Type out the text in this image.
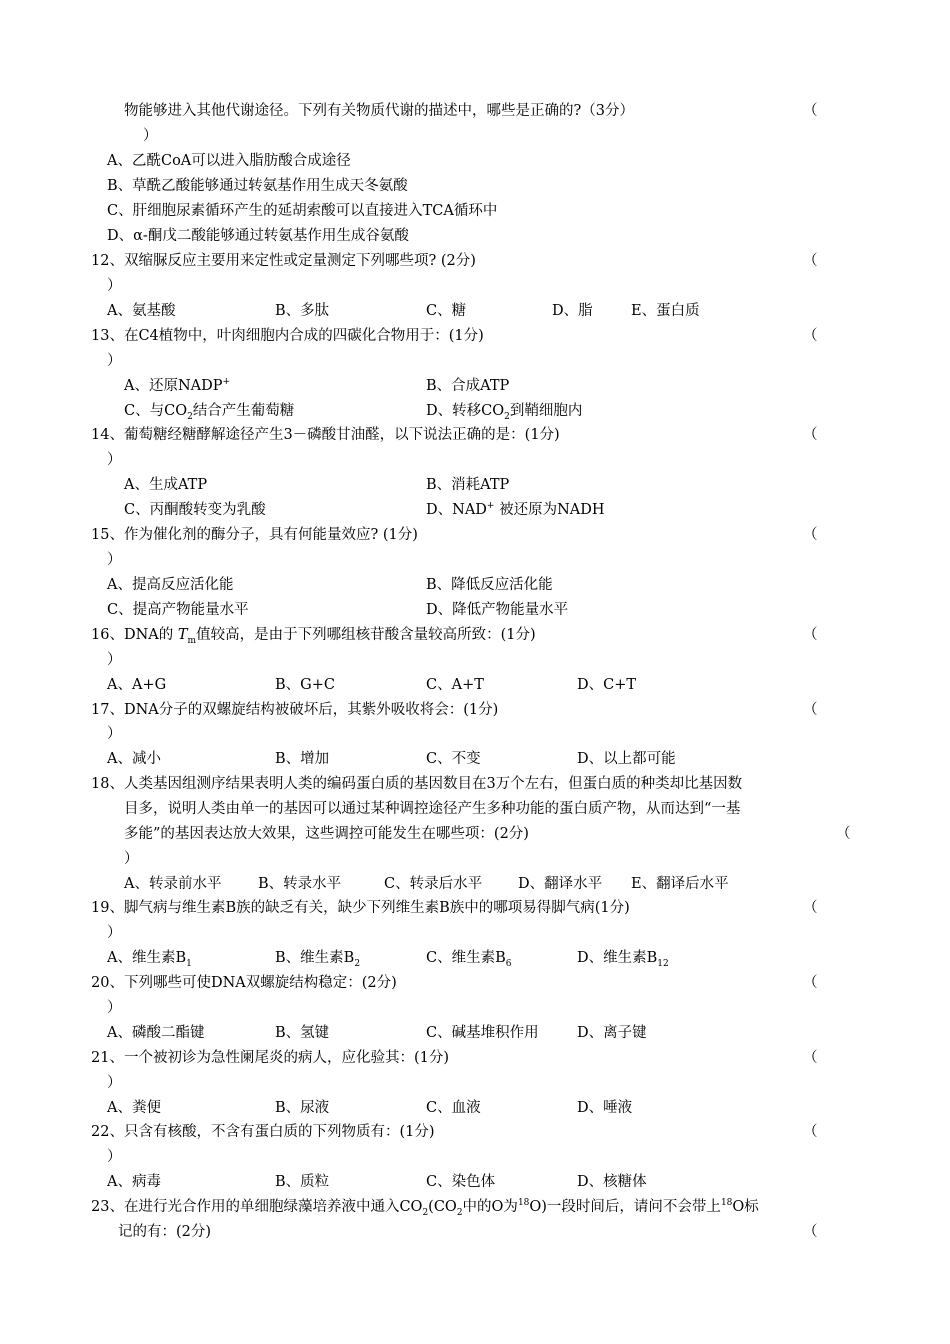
物能够进入其他代谢途径。下列有关物质代谢的描述中，哪些是正确的?（3分）	（
）
A、乙酰CoA可以进入脂肪酸合成途径
B、草酰乙酸能够通过转氨基作用生成天冬氨酸
C、肝细胞尿素循环产生的延胡索酸可以直接进入TCA循环中
D、α-酮戊二酸能够通过转氨基作用生成谷氨酸
12、双缩脲反应主要用来定性或定量测定下列哪些项? (2分)	（
）
A、氨基酸	B、多肽	C、糖	D、脂	E、蛋白质
13、在C4植物中，叶肉细胞内合成的四碳化合物用于：(1分)	（
）
A、还原NADP+	B、合成ATP
C、与$CO_2$结合产生葡萄糖	D、转移$CO_2$到鞘细胞内
14、葡萄糖经糖酵解途径产生3－磷酸甘油醛，以下说法正确的是：(1分)	（
）
A、生成ATP	B、消耗ATP
C、丙酮酸转变为乳酸	D、NAD+ 被还原为NADH
15、作为催化剂的酶分子，具有何能量效应? (1分)	（
）
A、提高反应活化能	B、降低反应活化能
C、提高产物能量水平	D、降低产物能量水平
16、DNA的 $T_m$值较高，是由于下列哪组核苷酸含量较高所致：(1分)	（
）
A、A+G	B、G+C	C、A+T	D、C+T
17、DNA分子的双螺旋结构被破坏后，其紫外吸收将会：(1分)	（
）
A、减小	B、增加	C、不变	D、以上都可能
18、人类基因组测序结果表明人类的编码蛋白质的基因数目在3万个左右，但蛋白质的种类却比基因数
目多，说明人类由单一的基因可以通过某种调控途径产生多种功能的蛋白质产物，从而达到“一基
多能”的基因表达放大效果，这些调控可能发生在哪些项：(2分)	（
）
A、转录前水平	B、转录水平	C、转录后水平 D、翻译水平 E、翻译后水平
19、脚气病与维生素B族的缺乏有关，缺少下列维生素B族中的哪项易得脚气病(1分)	（
）
A、维生素$B_1$	B、维生素$B_2$	C、维生素$B_6$	D、维生素$B_{12}$
20、下列哪些可使DNA双螺旋结构稳定：(2分)	（
）
A、磷酸二酯键	B、氢键	C、碱基堆积作用	D、离子键
21、一个被初诊为急性阑尾炎的病人，应化验其：(1分)	（
）
A、粪便	B、尿液	C、血液	D、唾液
22、只含有核酸，不含有蛋白质的下列物质有：(1分)	（
）
A、病毒	B、质粒	C、染色体	D、核糖体
23、在进行光合作用的单细胞绿藻培养液中通入$CO_2(CO_2$中的O为$^{18}$O)一段时间后，请问不会带上$^{18}$O标
记的有：(2分)	（
